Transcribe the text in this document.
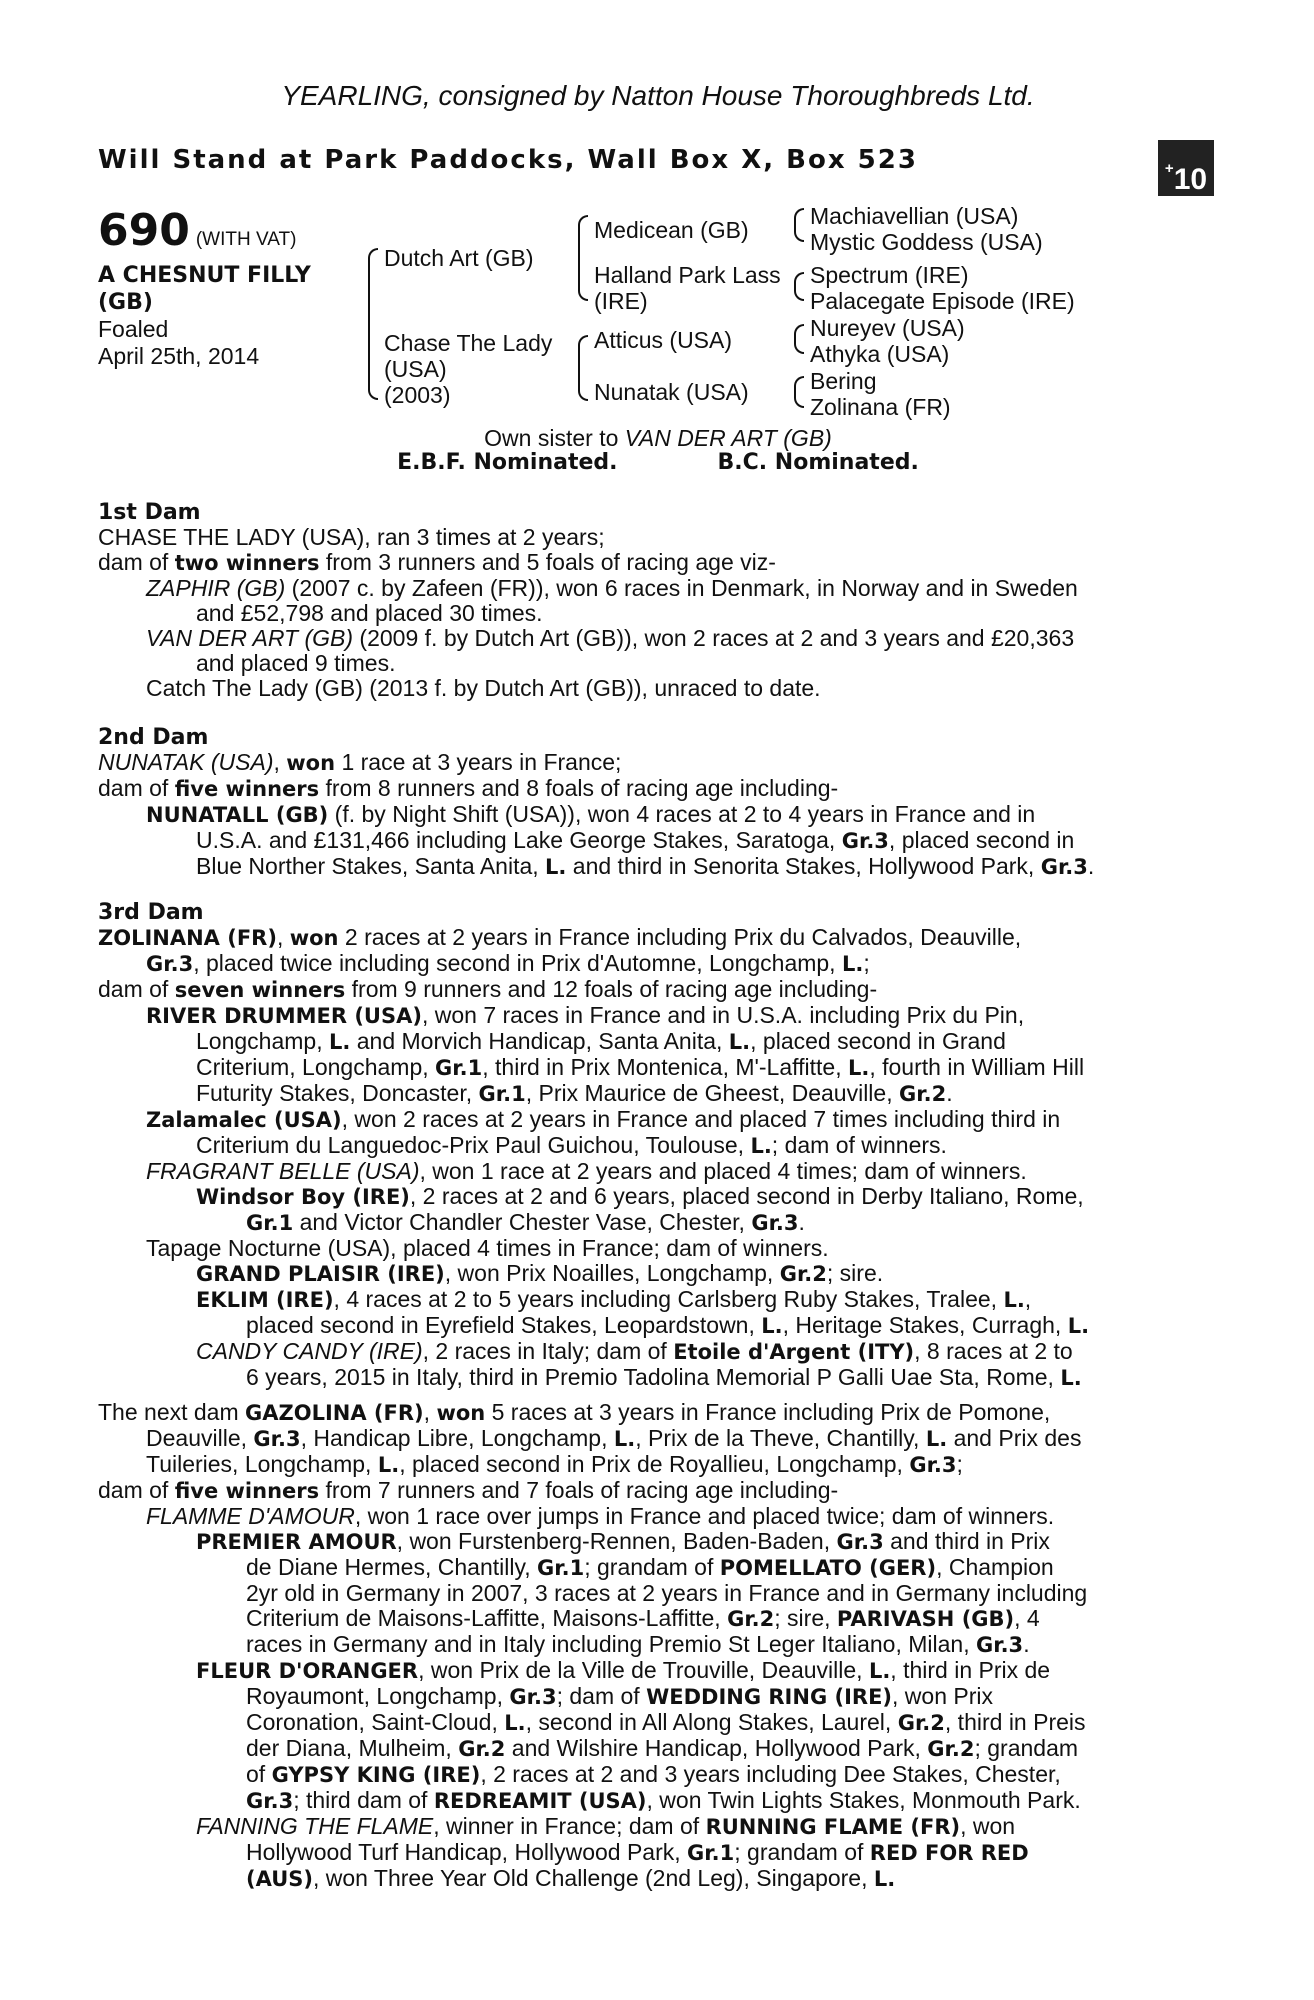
YEARLING, consigned by Natton House Thoroughbreds Ltd.
Will Stand at Park Paddocks, Wall Box X, Box 523	+10
690 (WITH VAT)
A CHESNUT FILLY
(GB)
Foaled
April 25th, 2014
Dutch Art (GB)
Chase The Lady
(USA)
(2003)
Medicean (GB)
Halland Park Lass
(IRE)
Atticus (USA)
Nunatak (USA)
Machiavellian (USA)
Mystic Goddess (USA)
Spectrum (IRE)
Palacegate Episode (IRE)
Nureyev (USA)
Athyka (USA)
Bering
Zolinana (FR)
Own sister to VAN DER ART (GB)
E.B.F. Nominated.	B.C. Nominated.
1st Dam
CHASE THE LADY (USA), ran 3 times at 2 years;
dam of two winners from 3 runners and 5 foals of racing age viz-
ZAPHIR (GB) (2007 c. by Zafeen (FR)), won 6 races in Denmark, in Norway and in Sweden
and £52,798 and placed 30 times.
VAN DER ART (GB) (2009 f. by Dutch Art (GB)), won 2 races at 2 and 3 years and £20,363
and placed 9 times.
Catch The Lady (GB) (2013 f. by Dutch Art (GB)), unraced to date.
2nd Dam
NUNATAK (USA), won 1 race at 3 years in France;
dam of five winners from 8 runners and 8 foals of racing age including-
NUNATALL (GB) (f. by Night Shift (USA)), won 4 races at 2 to 4 years in France and in
U.S.A. and £131,466 including Lake George Stakes, Saratoga, Gr.3, placed second in
Blue Norther Stakes, Santa Anita, L. and third in Senorita Stakes, Hollywood Park, Gr.3.
3rd Dam
ZOLINANA (FR), won 2 races at 2 years in France including Prix du Calvados, Deauville,
Gr.3, placed twice including second in Prix d'Automne, Longchamp, L.;
dam of seven winners from 9 runners and 12 foals of racing age including-
RIVER DRUMMER (USA), won 7 races in France and in U.S.A. including Prix du Pin,
Longchamp, L. and Morvich Handicap, Santa Anita, L., placed second in Grand
Criterium, Longchamp, Gr.1, third in Prix Montenica, M'-Laffitte, L., fourth in William Hill
Futurity Stakes, Doncaster, Gr.1, Prix Maurice de Gheest, Deauville, Gr.2.
Zalamalec (USA), won 2 races at 2 years in France and placed 7 times including third in
Criterium du Languedoc-Prix Paul Guichou, Toulouse, L.; dam of winners.
FRAGRANT BELLE (USA), won 1 race at 2 years and placed 4 times; dam of winners.
Windsor Boy (IRE), 2 races at 2 and 6 years, placed second in Derby Italiano, Rome,
Gr.1 and Victor Chandler Chester Vase, Chester, Gr.3.
Tapage Nocturne (USA), placed 4 times in France; dam of winners.
GRAND PLAISIR (IRE), won Prix Noailles, Longchamp, Gr.2; sire.
EKLIM (IRE), 4 races at 2 to 5 years including Carlsberg Ruby Stakes, Tralee, L.,
placed second in Eyrefield Stakes, Leopardstown, L., Heritage Stakes, Curragh, L.
CANDY CANDY (IRE), 2 races in Italy; dam of Etoile d'Argent (ITY), 8 races at 2 to
6 years, 2015 in Italy, third in Premio Tadolina Memorial P Galli Uae Sta, Rome, L.
The next dam GAZOLINA (FR), won 5 races at 3 years in France including Prix de Pomone,
Deauville, Gr.3, Handicap Libre, Longchamp, L., Prix de la Theve, Chantilly, L. and Prix des
Tuileries, Longchamp, L., placed second in Prix de Royallieu, Longchamp, Gr.3;
dam of five winners from 7 runners and 7 foals of racing age including-
FLAMME D'AMOUR, won 1 race over jumps in France and placed twice; dam of winners.
PREMIER AMOUR, won Furstenberg-Rennen, Baden-Baden, Gr.3 and third in Prix
de Diane Hermes, Chantilly, Gr.1; grandam of POMELLATO (GER), Champion
2yr old in Germany in 2007, 3 races at 2 years in France and in Germany including
Criterium de Maisons-Laffitte, Maisons-Laffitte, Gr.2; sire, PARIVASH (GB), 4
races in Germany and in Italy including Premio St Leger Italiano, Milan, Gr.3.
FLEUR D'ORANGER, won Prix de la Ville de Trouville, Deauville, L., third in Prix de
Royaumont, Longchamp, Gr.3; dam of WEDDING RING (IRE), won Prix
Coronation, Saint-Cloud, L., second in All Along Stakes, Laurel, Gr.2, third in Preis
der Diana, Mulheim, Gr.2 and Wilshire Handicap, Hollywood Park, Gr.2; grandam
of GYPSY KING (IRE), 2 races at 2 and 3 years including Dee Stakes, Chester,
Gr.3; third dam of REDREAMIT (USA), won Twin Lights Stakes, Monmouth Park.
FANNING THE FLAME, winner in France; dam of RUNNING FLAME (FR), won
Hollywood Turf Handicap, Hollywood Park, Gr.1; grandam of RED FOR RED
(AUS), won Three Year Old Challenge (2nd Leg), Singapore, L.
